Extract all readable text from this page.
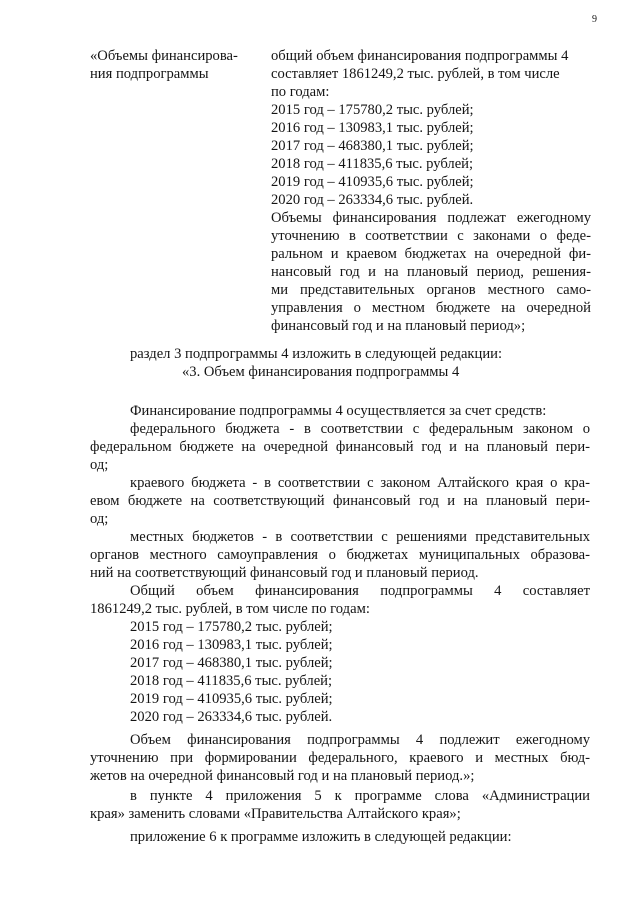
9
«Объемы финансирова-
ния подпрограммы
общий объем финансирования подпрограммы 4
составляет 1861249,2 тыс. рублей, в том числе
по годам:
2015 год – 175780,2 тыс. рублей;
2016 год – 130983,1 тыс. рублей;
2017 год – 468380,1 тыс. рублей;
2018 год – 411835,6 тыс. рублей;
2019 год – 410935,6 тыс. рублей;
2020 год – 263334,6 тыс. рублей.
Объемы финансирования подлежат ежегодному
уточнению в соответствии с законами о феде-
ральном и краевом бюджетах на очередной фи-
нансовый год и на плановый период, решения-
ми представительных органов местного само-
управления о местном бюджете на очередной
финансовый год и на плановый период»;
раздел 3 подпрограммы 4 изложить в следующей редакции:
«3. Объем финансирования подпрограммы 4
Финансирование подпрограммы 4 осуществляется за счет средств:
федерального бюджета - в соответствии с федеральным законом о
федеральном бюджете на очередной финансовый год и на плановый пери-
од;
краевого бюджета - в соответствии с законом Алтайского края о кра-
евом бюджете на соответствующий финансовый год и на плановый пери-
од;
местных бюджетов - в соответствии с решениями представительных
органов местного самоуправления о бюджетах муниципальных образова-
ний на соответствующий финансовый год и плановый период.
Общий объем финансирования подпрограммы 4 составляет
1861249,2 тыс. рублей, в том числе по годам:
2015 год – 175780,2 тыс. рублей;
2016 год – 130983,1 тыс. рублей;
2017 год – 468380,1 тыс. рублей;
2018 год – 411835,6 тыс. рублей;
2019 год – 410935,6 тыс. рублей;
2020 год – 263334,6 тыс. рублей.
Объем финансирования подпрограммы 4 подлежит ежегодному
уточнению при формировании федерального, краевого и местных бюд-
жетов на очередной финансовый год и на плановый период.»;
в пункте 4 приложения 5 к программе слова «Администрации
края» заменить словами «Правительства Алтайского края»;
приложение 6 к программе изложить в следующей редакции:
